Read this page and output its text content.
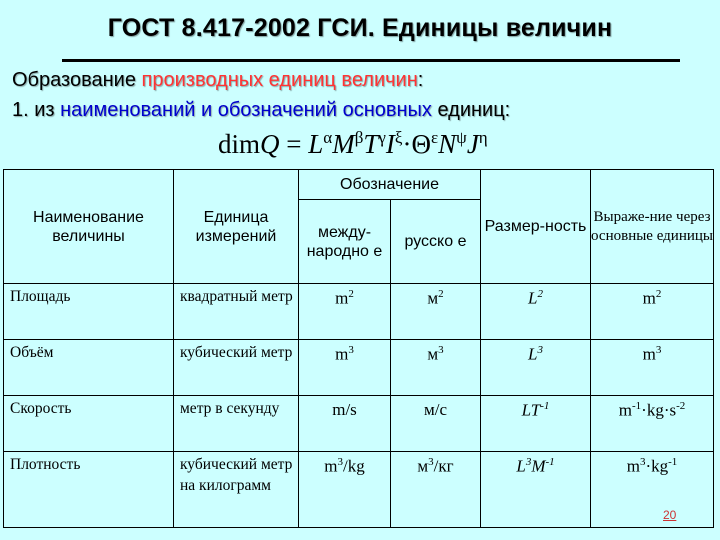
ГОСТ 8.417-2002 ГСИ. Единицы величин
Образование производных единиц величин:
1. из наименований и обозначений основных единиц:
dimQ = $L^\alpha M^\beta T^\gamma I^\xi\cdot\Theta^\varepsilon N^\psi J^\eta$
Наименование величины	Единица измерений	Обозначение		Размер-ность	Выраже-ние через основные единицы
		между-народно е	русско е		
Площадь	квадратный метр	$m^2$	$м^2$	$L^2$	$m^2$
Объём	кубический метр	$m^3$	$м^3$	$L^3$	$m^3$
Скорость	метр в секунду	m/s	м/с	$LT^{-1}$	$m^{-1}\cdot kg\cdot s^{-2}$
Плотность	кубический метр на килограмм	$m^3/kg$	$м^3/кг$	$L^3M^{-1}$	$m^3\cdot kg^{-1}$
20
